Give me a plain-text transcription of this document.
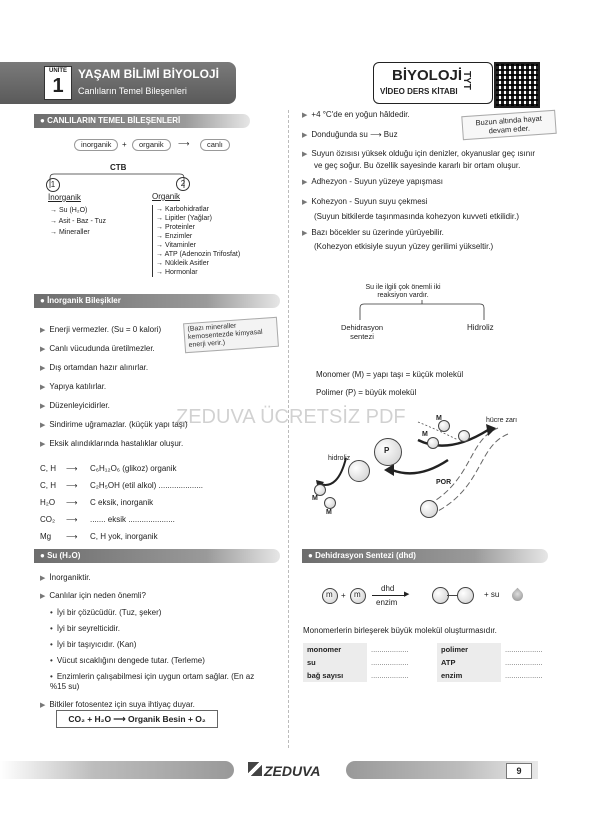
ÜNİTE
1
YAŞAM BİLİMİ BİYOLOJİ
Canlıların Temel Bileşenleri
BİYOLOJİ
VİDEO DERS KİTABI
TYT
● CANLILARIN TEMEL BİLEŞENLERİ
inorganik	+	organik	⟶	canlı
CTB
1	2
İnorganik	Organik
→ Su (H₂O)
→ Asit - Baz - Tuz
→ Mineraller
→ Karbohidratlar
→ Lipitler (Yağlar)
→ Proteinler
→ Enzimler
→ Vitaminler
→ ATP (Adenozin Trifosfat)
→ Nükleik Asitler
→ Hormonlar
● İnorganik Bileşikler
(Bazı mineraller kemosentezde kimyasal enerji verir.)
▶ Enerji vermezler. (Su = 0 kalori)
▶ Canlı vücudunda üretilmezler.
▶ Dış ortamdan hazır alınırlar.
▶ Yapıya katılırlar.
▶ Düzenleyicidirler.
▶ Sindirime uğramazlar. (küçük yapı taşı)
▶ Eksik alındıklarında hastalıklar oluşur.
C, H ⟶ C₆H₁₂O₆ (glikoz) organik
C, H ⟶ C₂H₅OH (etil alkol) ....................
H₂O ⟶ C eksik, inorganik
CO₂ ⟶ ....... eksik .....................
Mg ⟶ C, H yok, inorganik
● Su (H₂O)
▶ İnorganiktir.
▶ Canlılar için neden önemli?
• İyi bir çözücüdür. (Tuz, şeker)
• İyi bir seyrelticidir.
• İyi bir taşıyıcıdır. (Kan)
• Vücut sıcaklığını dengede tutar. (Terleme)
• Enzimlerin çalışabilmesi için uygun ortam sağlar. (En az %15 su)
▶ Bitkiler fotosentez için suya ihtiyaç duyar.
CO₂ + H₂O ⟶ Organik Besin + O₂
▶ +4 °C'de en yoğun hâldedir.
▶ Donduğunda su ⟶ Buz
Buzun altında hayat devam eder.
▶ Suyun özısısı yüksek olduğu için denizler, okyanuslar geç ısınır ve geç soğur. Bu özellik sayesinde kararlı bir ortam oluşur.
▶ Adhezyon - Suyun yüzeye yapışması
▶ Kohezyon - Suyun suyu çekmesi
(Suyun bitkilerde taşınmasında kohezyon kuvveti etkilidir.)
▶ Bazı böcekler su üzerinde yürüyebilir.
(Kohezyon etkisiyle suyun yüzey gerilimi yükseltir.)
Su ile ilgili çok önemli iki reaksiyon vardır.
Dehidrasyon sentezi
Hidroliz
Monomer (M) = yapı taşı = küçük molekül
Polimer (P) = büyük molekül
ZEDUVA ÜCRETSİZ PDF
P
M
M
M
M
hücre zarı
hidroliz
POR
● Dehidrasyon Sentezi (dhd)
m + m
dhd
▶
enzim
+ su
Monomerlerin birleşerek büyük molekül oluşturmasıdır.
monomer	..................	polimer	..................
su	..................	ATP	..................
bağ sayısı	..................	enzim	..................
ZEDUVA	9
